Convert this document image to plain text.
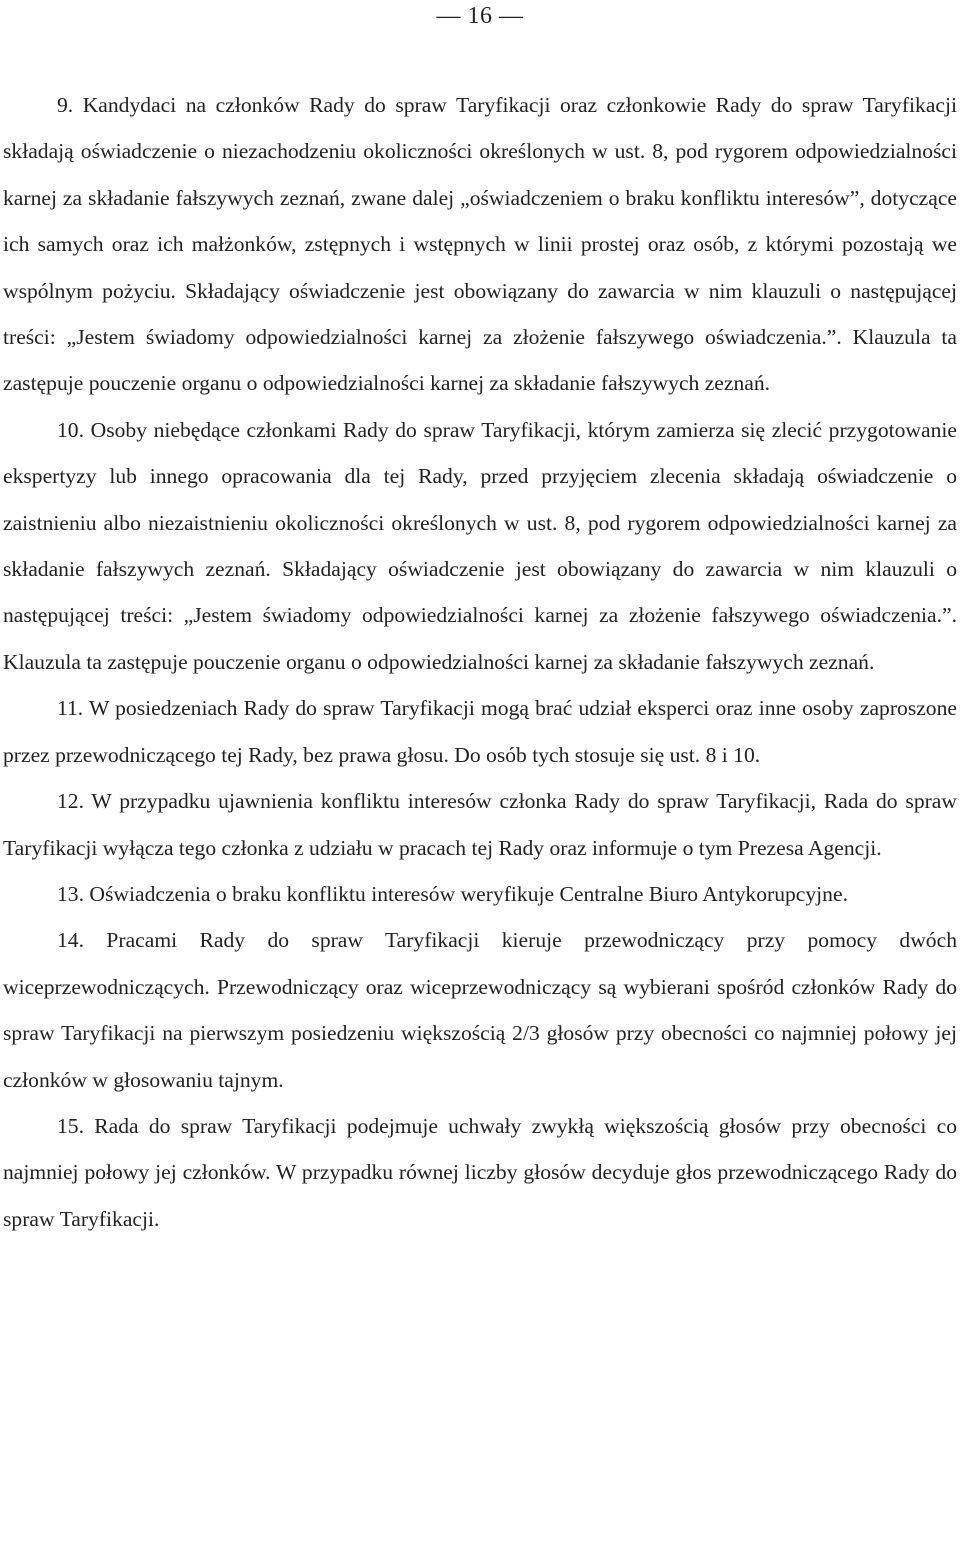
— 16 —

9. Kandydaci na członków Rady do spraw Taryfikacji oraz członkowie Rady do spraw Taryfikacji składają oświadczenie o niezachodzeniu okoliczności określonych w ust. 8, pod rygorem odpowiedzialności karnej za składanie fałszywych zeznań, zwane dalej „oświadczeniem o braku konfliktu interesów”, dotyczące ich samych oraz ich małżonków, zstępnych i wstępnych w linii prostej oraz osób, z którymi pozostają we wspólnym pożyciu. Składający oświadczenie jest obowiązany do zawarcia w nim klauzuli o następującej treści: „Jestem świadomy odpowiedzialności karnej za złożenie fałszywego oświadczenia.”. Klauzula ta zastępuje pouczenie organu o odpowiedzialności karnej za składanie fałszywych zeznań.

10. Osoby niebędące członkami Rady do spraw Taryfikacji, którym zamierza się zlecić przygotowanie ekspertyzy lub innego opracowania dla tej Rady, przed przyjęciem zlecenia składają oświadczenie o zaistnieniu albo niezaistnieniu okoliczności określonych w ust. 8, pod rygorem odpowiedzialności karnej za składanie fałszywych zeznań. Składający oświadczenie jest obowiązany do zawarcia w nim klauzuli o następującej treści: „Jestem świadomy odpowiedzialności karnej za złożenie fałszywego oświadczenia.”. Klauzula ta zastępuje pouczenie organu o odpowiedzialności karnej za składanie fałszywych zeznań.

11. W posiedzeniach Rady do spraw Taryfikacji mogą brać udział eksperci oraz inne osoby zaproszone przez przewodniczącego tej Rady, bez prawa głosu. Do osób tych stosuje się ust. 8 i 10.

12. W przypadku ujawnienia konfliktu interesów członka Rady do spraw Taryfikacji, Rada do spraw Taryfikacji wyłącza tego członka z udziału w pracach tej Rady oraz informuje o tym Prezesa Agencji.

13. Oświadczenia o braku konfliktu interesów weryfikuje Centralne Biuro Antykorupcyjne.

14. Pracami Rady do spraw Taryfikacji kieruje przewodniczący przy pomocy dwóch wiceprzewodniczących. Przewodniczący oraz wiceprzewodniczący są wybierani spośród członków Rady do spraw Taryfikacji na pierwszym posiedzeniu większością 2/3 głosów przy obecności co najmniej połowy jej członków w głosowaniu tajnym.

15. Rada do spraw Taryfikacji podejmuje uchwały zwykłą większością głosów przy obecności co najmniej połowy jej członków. W przypadku równej liczby głosów decyduje głos przewodniczącego Rady do spraw Taryfikacji.
